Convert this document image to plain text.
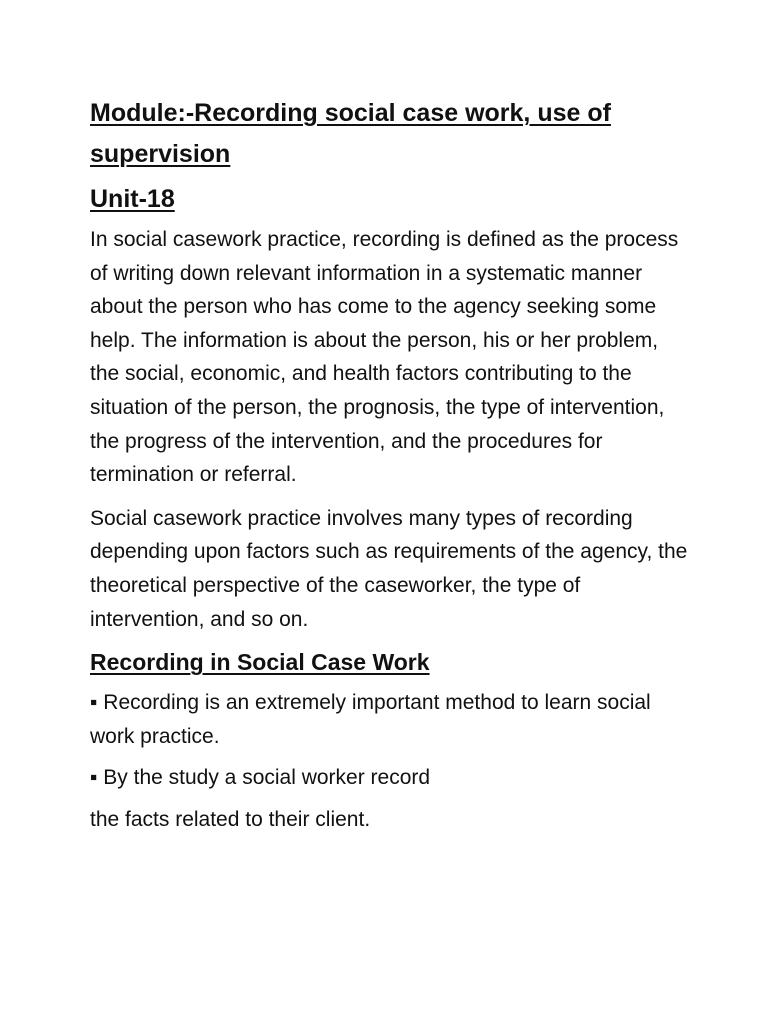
Module:-Recording social case work, use of supervision
Unit-18

In social casework practice, recording is defined as the process of writing down relevant information in a systematic manner about the person who has come to the agency seeking some help. The information is about the person, his or her problem, the social, economic, and health factors contributing to the situation of the person, the prognosis, the type of intervention, the progress of the intervention, and the procedures for termination or referral.

Social casework practice involves many types of recording depending upon factors such as requirements of the agency, the theoretical perspective of the caseworker, the type of intervention, and so on.

Recording in Social Case Work

▪ Recording is an extremely important method to learn social work practice.

▪ By the study a social worker record

the facts related to their client.
